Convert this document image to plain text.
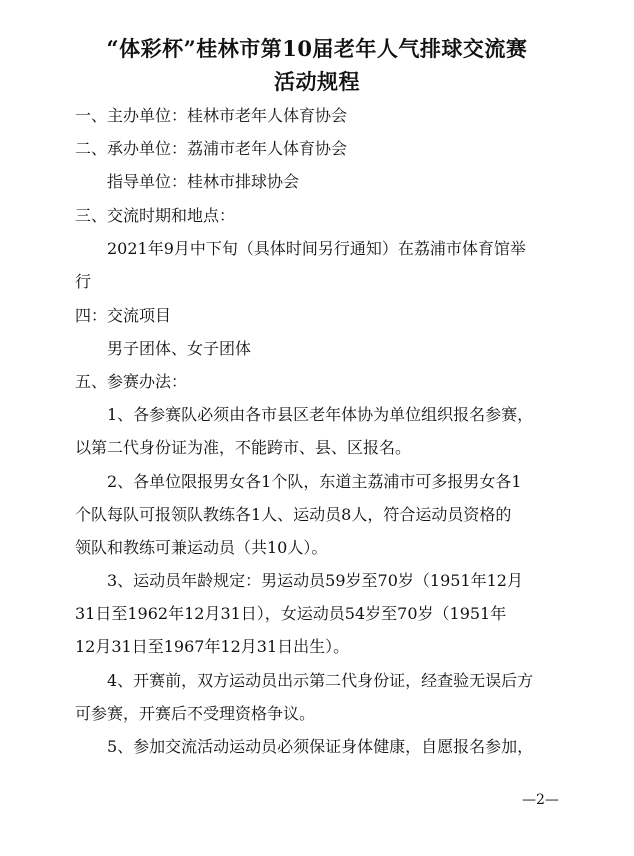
“体彩杯”桂林市第10届老年人气排球交流赛
活动规程
一、主办单位：桂林市老年人体育协会
二、承办单位：荔浦市老年人体育协会
指导单位：桂林市排球协会
三、交流时期和地点：
2021年9月中下旬（具体时间另行通知）在荔浦市体育馆举
行
四：交流项目
男子团体、女子团体
五、参赛办法：
1、各参赛队必须由各市县区老年体协为单位组织报名参赛，
以第二代身份证为准，不能跨市、县、区报名。
2、各单位限报男女各1个队，东道主荔浦市可多报男女各1
个队每队可报领队教练各1人、运动员8人，符合运动员资格的
领队和教练可兼运动员（共10人）。
3、运动员年龄规定：男运动员59岁至70岁（1951年12月
31日至1962年12月31日），女运动员54岁至70岁（1951年
12月31日至1967年12月31日出生）。
4、开赛前，双方运动员出示第二代身份证，经查验无误后方
可参赛，开赛后不受理资格争议。
5、参加交流活动运动员必须保证身体健康，自愿报名参加，
—2—
